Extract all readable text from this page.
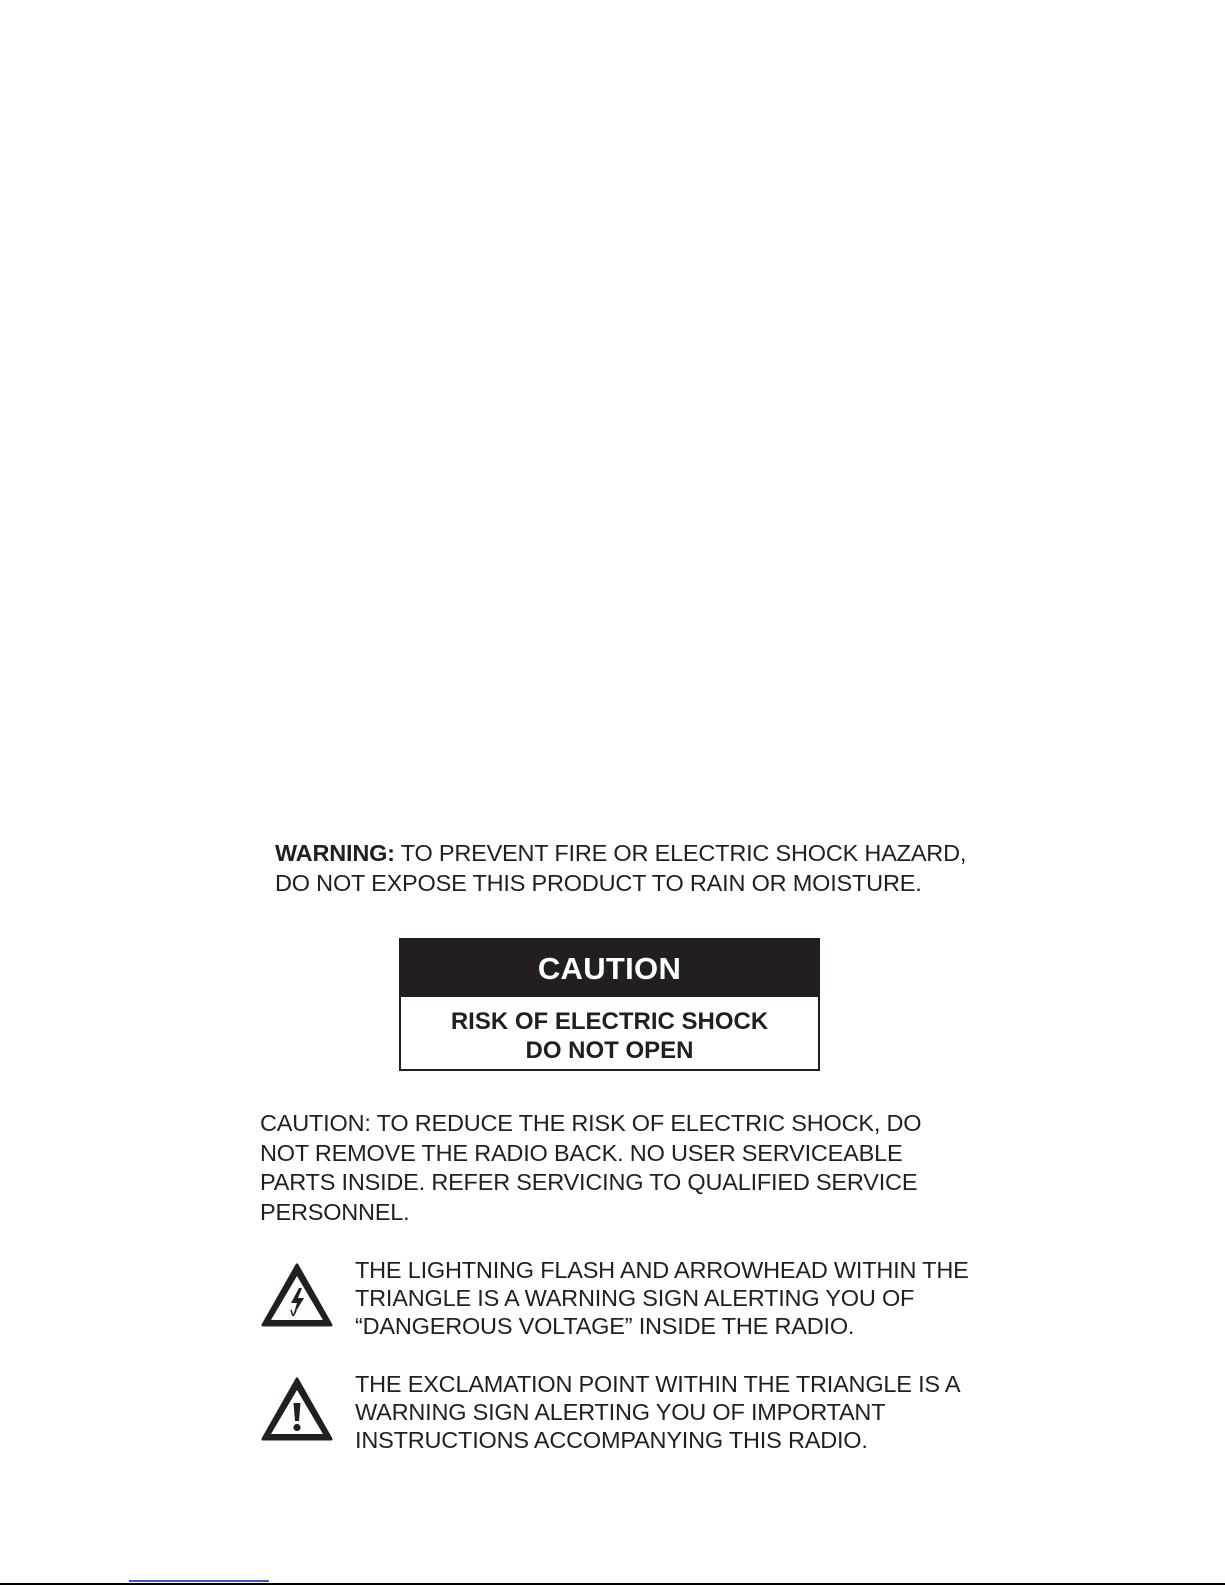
WARNING: TO PREVENT FIRE OR ELECTRIC SHOCK HAZARD,
DO NOT EXPOSE THIS PRODUCT TO RAIN OR MOISTURE.
CAUTION
RISK OF ELECTRIC SHOCK
DO NOT OPEN
CAUTION: TO REDUCE THE RISK OF ELECTRIC SHOCK, DO
NOT REMOVE THE RADIO BACK. NO USER SERVICEABLE
PARTS INSIDE. REFER SERVICING TO QUALIFIED SERVICE
PERSONNEL.
THE LIGHTNING FLASH AND ARROWHEAD WITHIN THE
TRIANGLE IS A WARNING SIGN ALERTING YOU OF
“DANGEROUS VOLTAGE” INSIDE THE RADIO.
THE EXCLAMATION POINT WITHIN THE TRIANGLE IS A
WARNING SIGN ALERTING YOU OF IMPORTANT
INSTRUCTIONS ACCOMPANYING THIS RADIO.
